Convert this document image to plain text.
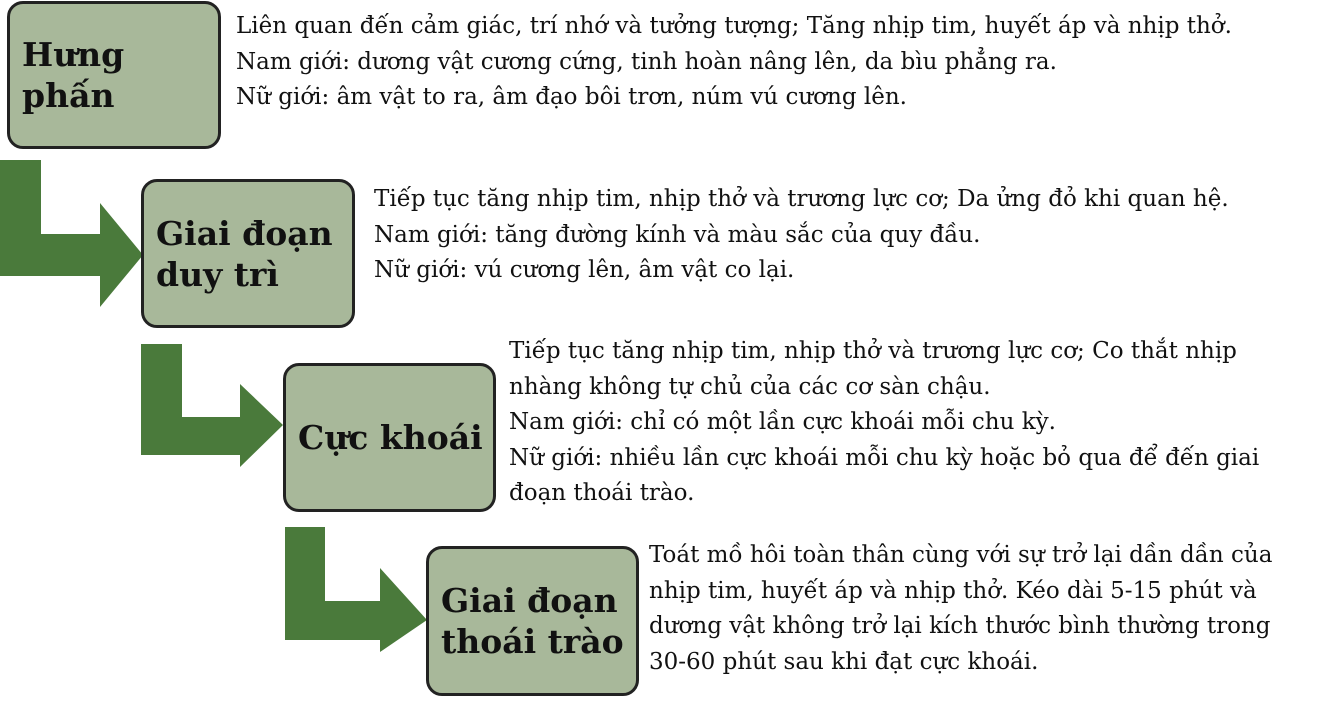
Hưng phấn
Liên quan đến cảm giác, trí nhớ và tưởng tượng; Tăng nhịp tim, huyết áp và nhịp thở.
Nam giới: dương vật cương cứng, tinh hoàn nâng lên, da bìu phẳng ra.
Nữ giới: âm vật to ra, âm đạo bôi trơn, núm vú cương lên.
Giai đoạn
duy trì
Tiếp tục tăng nhịp tim, nhịp thở và trương lực cơ; Da ửng đỏ khi quan hệ.
Nam giới: tăng đường kính và màu sắc của quy đầu.
Nữ giới: vú cương lên, âm vật co lại.
Cực khoái
Tiếp tục tăng nhịp tim, nhịp thở và trương lực cơ; Co thắt nhịp
nhàng không tự chủ của các cơ sàn chậu.
Nam giới: chỉ có một lần cực khoái mỗi chu kỳ.
Nữ giới: nhiều lần cực khoái mỗi chu kỳ hoặc bỏ qua để đến giai
đoạn thoái trào.
Giai đoạn
thoái trào
Toát mồ hôi toàn thân cùng với sự trở lại dần dần của
nhịp tim, huyết áp và nhịp thở. Kéo dài 5-15 phút và
dương vật không trở lại kích thước bình thường trong
30-60 phút sau khi đạt cực khoái.
